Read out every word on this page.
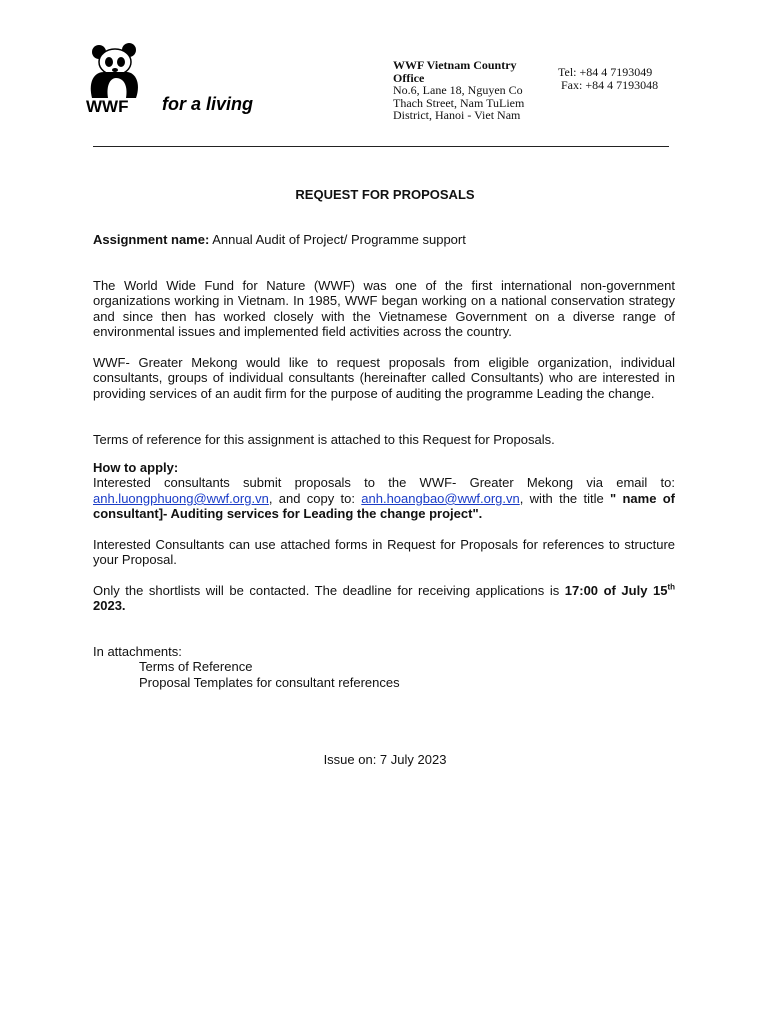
WWF for a living
WWF Vietnam Country Office
No.6, Lane 18, Nguyen Co Thach Street, Nam TuLiem District, Hanoi - Viet Nam
Tel: +84 4 7193049
Fax: +84 4 7193048
REQUEST FOR PROPOSALS
Assignment name: Annual Audit of Project/ Programme support
The World Wide Fund for Nature (WWF) was one of the first international non-government organizations working in Vietnam. In 1985, WWF began working on a national conservation strategy and since then has worked closely with the Vietnamese Government on a diverse range of environmental issues and implemented field activities across the country.
WWF- Greater Mekong would like to request proposals from eligible organization, individual consultants, groups of individual consultants (hereinafter called Consultants) who are interested in providing services of an audit firm for the purpose of auditing the programme Leading the change.
Terms of reference for this assignment is attached to this Request for Proposals.
How to apply:
Interested consultants submit proposals to the WWF- Greater Mekong via email to: anh.luongphuong@wwf.org.vn, and copy to: anh.hoangbao@wwf.org.vn, with the title " name of consultant]- Auditing services for Leading the change project".
Interested Consultants can use attached forms in Request for Proposals for references to structure your Proposal.
Only the shortlists will be contacted. The deadline for receiving applications is 17:00 of July 15th 2023.
In attachments:
Terms of Reference
Proposal Templates for consultant references
Issue on: 7 July 2023
